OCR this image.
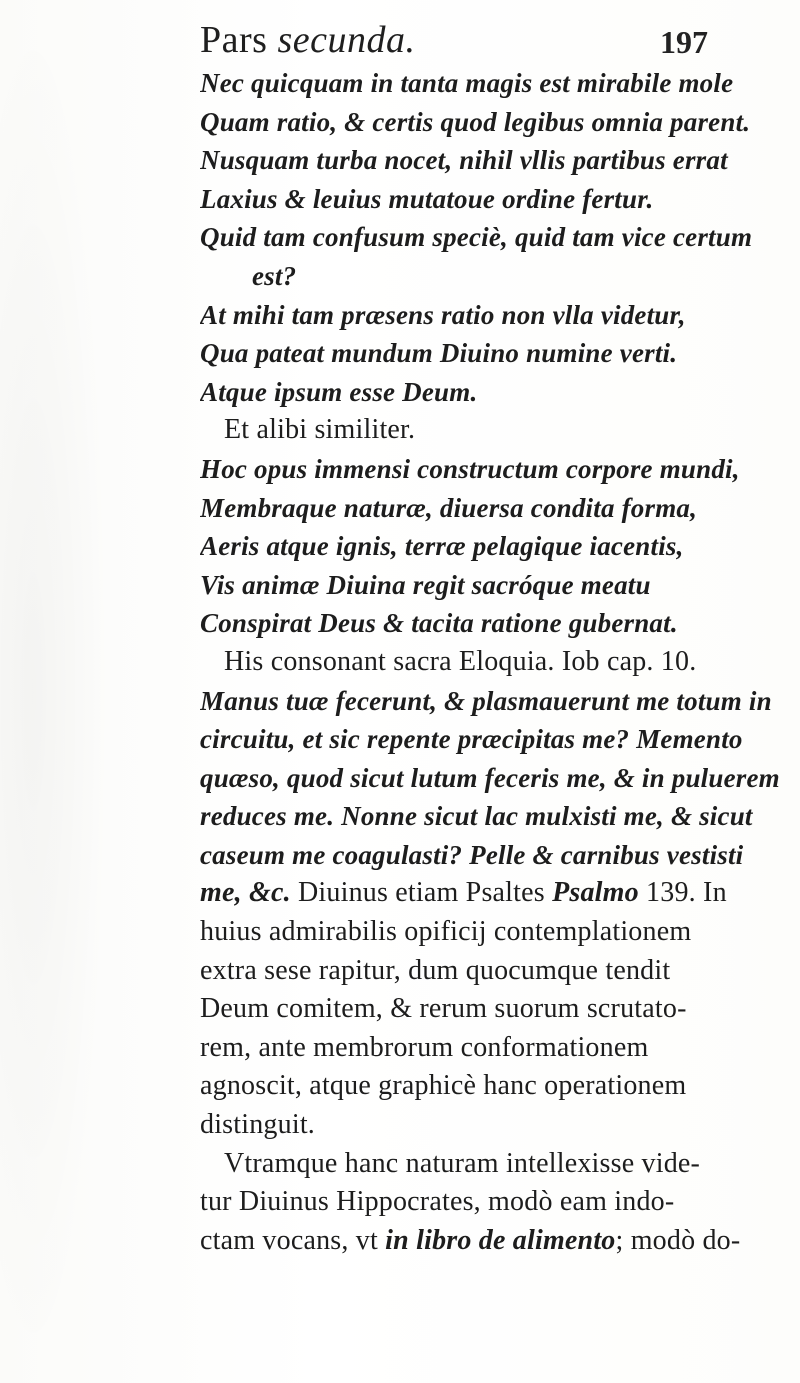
Pars secunda.	197
Nec quicquam in tanta magis est mirabile mole
Quam ratio, & certis quod legibus omnia parent.
Nusquam turba nocet, nihil vllis partibus errat
Laxius & leuius mutatoue ordine fertur.
Quid tam confusum speciè, quid tam vice certum
est?
At mihi tam præsens ratio non vlla videtur,
Qua pateat mundum Diuino numine verti.
Atque ipsum esse Deum.
Et alibi similiter.
Hoc opus immensi constructum corpore mundi,
Membraque naturæ, diuersa condita forma,
Aeris atque ignis, terræ pelagique iacentis,
Vis animæ Diuina regit sacróque meatu
Conspirat Deus & tacita ratione gubernat.
His consonant sacra Eloquia. Iob cap. 10.
Manus tuæ fecerunt, & plasmauerunt me totum in
circuitu, et sic repente præcipitas me? Memento
quæso, quod sicut lutum feceris me, & in puluerem
reduces me. Nonne sicut lac mulxisti me, & sicut
caseum me coagulasti? Pelle & carnibus vestisti
me, &c. Diuinus etiam Psaltes Psalmo 139. In
huius admirabilis opificij contemplationem
extra sese rapitur, dum quocumque tendit
Deum comitem, & rerum suorum scrutato-
rem, ante membrorum conformationem
agnoscit, atque graphicè hanc operationem
distinguit.
Vtramque hanc naturam intellexisse vide-
tur Diuinus Hippocrates, modò eam indo-
ctam vocans, vt in libro de alimento; modò do-
